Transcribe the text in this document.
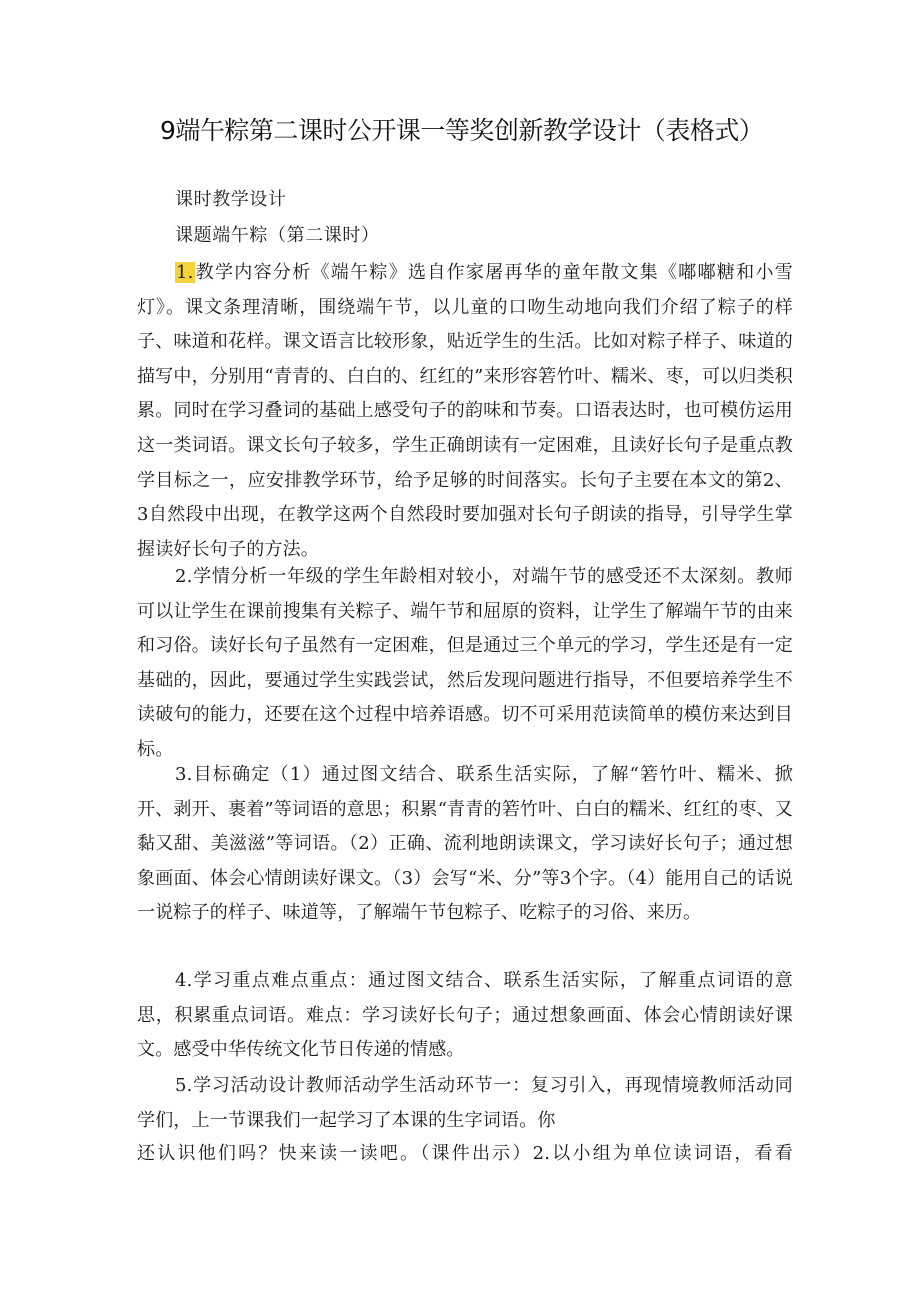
9端午粽第二课时公开课一等奖创新教学设计（表格式）
课时教学设计
课题端午粽（第二课时）
1.教学内容分析《端午粽》选自作家屠再华的童年散文集《嘟嘟糖和小雪灯》。课文条理清晰，围绕端午节，以儿童的口吻生动地向我们介绍了粽子的样子、味道和花样。课文语言比较形象，贴近学生的生活。比如对粽子样子、味道的描写中，分别用“青青的、白白的、红红的”来形容箬竹叶、糯米、枣，可以归类积累。同时在学习叠词的基础上感受句子的韵味和节奏。口语表达时，也可模仿运用这一类词语。课文长句子较多，学生正确朗读有一定困难，且读好长句子是重点教学目标之一，应安排教学环节，给予足够的时间落实。长句子主要在本文的第2、3自然段中出现，在教学这两个自然段时要加强对长句子朗读的指导，引导学生掌握读好长句子的方法。
2.学情分析一年级的学生年龄相对较小，对端午节的感受还不太深刻。教师可以让学生在课前搜集有关粽子、端午节和屈原的资料，让学生了解端午节的由来和习俗。读好长句子虽然有一定困难，但是通过三个单元的学习，学生还是有一定基础的，因此，要通过学生实践尝试，然后发现问题进行指导，不但要培养学生不读破句的能力，还要在这个过程中培养语感。切不可采用范读简单的模仿来达到目标。
3.目标确定（1）通过图文结合、联系生活实际，了解“箬竹叶、糯米、掀开、剥开、裹着”等词语的意思；积累“青青的箬竹叶、白白的糯米、红红的枣、又黏又甜、美滋滋”等词语。（2）正确、流利地朗读课文，学习读好长句子；通过想象画面、体会心情朗读好课文。（3）会写“米、分”等3个字。（4）能用自己的话说一说粽子的样子、味道等，了解端午节包粽子、吃粽子的习俗、来历。
4.学习重点难点重点：通过图文结合、联系生活实际，了解重点词语的意思，积累重点词语。难点：学习读好长句子；通过想象画面、体会心情朗读好课文。感受中华传统文化节日传递的情感。
5.学习活动设计教师活动学生活动环节一：复习引入，再现情境教师活动同学们，上一节课我们一起学习了本课的生字词语。你
还认识他们吗？快来读一读吧。（课件出示）2.以小组为单位读词语，看看
